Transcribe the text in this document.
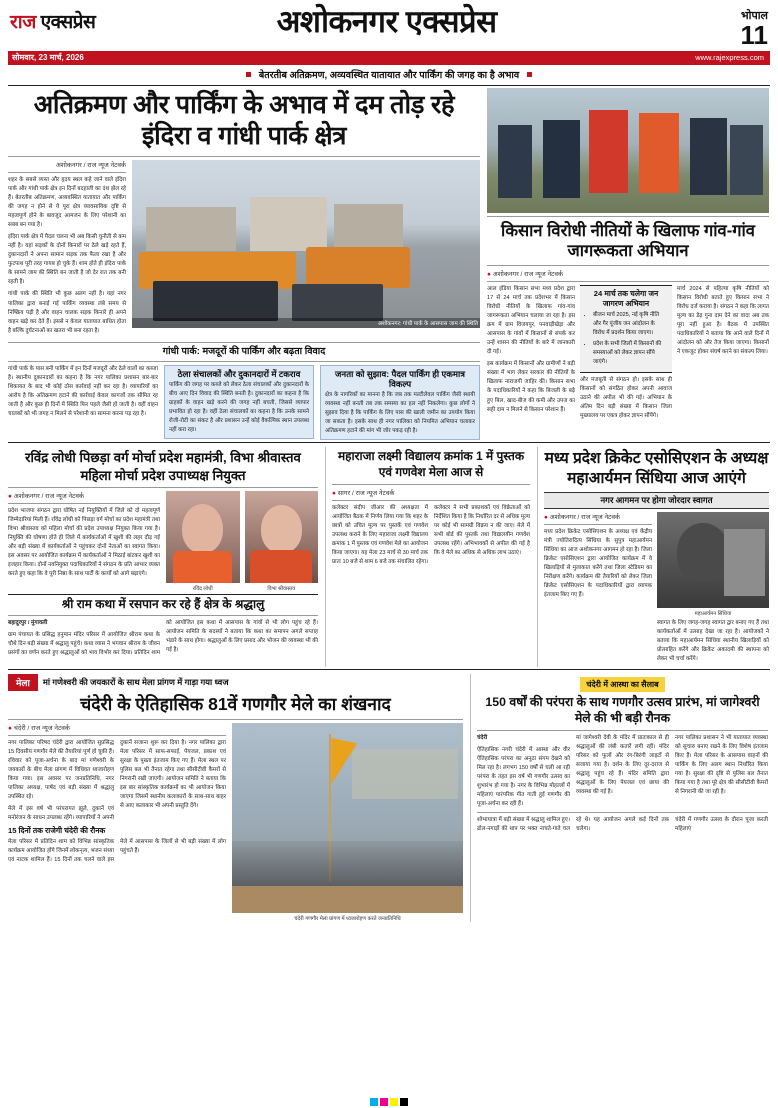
राज एक्सप्रेस	अशोकनगर एक्सप्रेस	भोपाल
11
सोमवार, 23 मार्च, 2026	www.rajexpress.com
बेतरतीब अतिक्रमण, अव्यवस्थित यातायात और पार्किंग की जगह का है अभाव
अतिक्रमण और पार्किंग के अभाव में दम तोड़ रहे इंदिरा व गांधी पार्क क्षेत्र
अशोकनगर / राज न्यूज नेटवर्क

शहर के सबसे व्यस्त और हृदय स्थल कहे जाने वाले इंदिरा पार्क और गांधी पार्क क्षेत्र इन दिनों बदहाली का दंश झेल रहे हैं। बेतरतीब अतिक्रमण, अव्यवस्थित यातायात और पार्किंग की जगह न होने से ये पूरा क्षेत्र व्यावसायिक दृष्टि से महत्वपूर्ण होने के बावजूद आमजन के लिए परेशानी का सबब बन गया है।

इंदिरा पार्क क्षेत्र में पैदल चलना भी अब किसी चुनौती से कम नहीं है। यहां सड़कों के दोनों किनारों पर ठेले खड़े रहते हैं, दुकानदारों ने अपना सामान सड़क तक फैला रखा है और फुटपाथ पूरी तरह गायब हो चुके हैं। शाम होते ही इंदिरा पार्क के सामने जाम की स्थिति बन जाती है जो देर रात तक बनी रहती है।

गांधी पार्क की स्थिति भी कुछ अलग नहीं है। यहां नगर पालिका द्वारा बनाई गई पार्किंग व्यवस्था लंबे समय से निष्क्रिय पड़ी है और वाहन चालक सड़क किनारे ही अपने वाहन खड़े कर देते हैं। इससे न केवल यातायात बाधित होता है बल्कि दुर्घटनाओं का खतरा भी बना रहता है।

अशोकनगर: गांधी पार्क के आसपास जाम की स्थिति
गांधी पार्क: मजदूरों की पार्किंग और बढ़ता विवाद

गांधी पार्क के पास बनी पार्किंग में इन दिनों मजदूरों और ठेले वालों का कब्जा है। स्थानीय दुकानदारों का कहना है कि नगर पालिका प्रशासन बार-बार शिकायत के बाद भी कोई ठोस कार्रवाई नहीं कर रहा है। व्यापारियों का आरोप है कि अतिक्रमण हटाने की कार्रवाई केवल कागजों तक सीमित रह जाती है और कुछ ही दिनों में स्थिति फिर पहले जैसी हो जाती है। वहीं वाहन चालकों को भी जगह न मिलने से परेशानी का सामना करना पड़ रहा है।

ठेला संचालकों और दुकानदारों में टकराव
पार्किंग की जगह पर कब्जे को लेकर ठेला संचालकों और दुकानदारों के बीच आए दिन विवाद की स्थिति बनती है। दुकानदारों का कहना है कि ग्राहकों के वाहन खड़े करने की जगह नहीं बचती, जिससे व्यापार प्रभावित हो रहा है। वहीं ठेला संचालकों का कहना है कि उनके सामने रोजी-रोटी का संकट है और प्रशासन उन्हें कोई वैकल्पिक स्थान उपलब्ध नहीं करा रहा।
जनता को सुझाव: पैदल पार्किंग ही एकमात्र विकल्प
क्षेत्र के नागरिकों का मानना है कि जब तक मल्टीलेवल पार्किंग जैसी स्थायी व्यवस्था नहीं बनती तब तक समस्या का हल नहीं निकलेगा। कुछ लोगों ने सुझाव दिया है कि पार्किंग के लिए पास की खाली जमीन का उपयोग किया जा सकता है। इसके साथ ही नगर पालिका को नियमित अभियान चलाकर अतिक्रमण हटाने की मांग भी जोर पकड़ रही है।
किसान विरोधी नीतियों के खिलाफ गांव-गांव जागरूकता अभियान
● अशोकनगर / राज न्यूज नेटवर्क

आल इंडिया किसान सभा मध्य प्रदेश द्वारा 17 से 24 मार्च तक प्रदेशभर में किसान विरोधी नीतियों के खिलाफ गांव-गांव जागरूकता अभियान चलाया जा रहा है। इस क्रम में ग्राम विजयपुर, पनवाड़ीखेड़ा और आसपास के गांवों में किसानों से संपर्क कर उन्हें शासन की नीतियों के बारे में जानकारी दी गई।

इस कार्यक्रम में किसानों और ग्रामीणों ने बड़ी संख्या में भाग लेकर सरकार की नीतियों के खिलाफ नाराजगी जाहिर की। किसान सभा के पदाधिकारियों ने कहा कि बिजली के बढ़े हुए बिल, खाद-बीज की कमी और उपज का सही दाम न मिलने से किसान परेशान हैं।

24 मार्च तक चलेगा जन जागरण अभियान
• बीजन मार्च 2025, नई कृषि नीति और गैर पूंजीय जन आंदोलन के विरोध में प्रदर्शन किया जाएगा।
• प्रदेश के सभी जिलों में किसानों की समस्याओं को लेकर ज्ञापन सौंपे जाएंगे।

और मजबूती से संगठन हो। इसके साथ ही किसानों को संगठित होकर अपनी आवाज उठाने की अपील भी की गई। अभियान के अंतिम दिन बड़ी संख्या में किसान जिला मुख्यालय पर एकत्र होकर ज्ञापन सौंपेंगे।

मार्च 2024 से पहिल्या कृषि नीतियों को किसान विरोधी बताते हुए किसान सभा ने विरोध दर्ज कराया है। संगठन ने कहा कि लागत मूल्य का डेढ़ गुना दाम देने का वादा अब तक पूरा नहीं हुआ है। बैठक में उपस्थित पदाधिकारियों ने बताया कि आने वाले दिनों में आंदोलन को और तेज किया जाएगा। किसानों ने एकजुट होकर संघर्ष करने का संकल्प लिया।

रविंद्र लोधी पिछड़ा वर्ग मोर्चा प्रदेश महामंत्री, विभा श्रीवास्तव महिला मोर्चा प्रदेश उपाध्यक्ष नियुक्त
● अशोकनगर / राज न्यूज नेटवर्क

प्रदेश भाजपा संगठन द्वारा घोषित नई नियुक्तियों में जिले को दो महत्वपूर्ण जिम्मेदारियां मिली हैं। रविंद्र लोधी को पिछड़ा वर्ग मोर्चा का प्रदेश महामंत्री तथा विभा श्रीवास्तव को महिला मोर्चा की प्रदेश उपाध्यक्ष नियुक्त किया गया है। नियुक्ति की घोषणा होते ही जिले में कार्यकर्ताओं में खुशी की लहर दौड़ गई और बड़ी संख्या में कार्यकर्ताओं ने पहुंचकर दोनों नेताओं का स्वागत किया। इस अवसर पर आयोजित कार्यक्रम में कार्यकर्ताओं ने मिठाई बांटकर खुशी का इजहार किया। दोनों नवनियुक्त पदाधिकारियों ने संगठन के प्रति आभार व्यक्त करते हुए कहा कि वे पूरी निष्ठा के साथ पार्टी के कार्यों को आगे बढ़ाएंगे।

रविंद्र लोधी	विभा श्रीवास्तव
श्री राम कथा में रसपान कर रहे हैं क्षेत्र के श्रद्धालु

बहादुरपुर / मुंगावली

ग्राम पंचायत के प्रसिद्ध हनुमान मंदिर परिसर में आयोजित श्रीराम कथा के चौथे दिन बड़ी संख्या में श्रद्धालु पहुंचे। कथा व्यास ने भगवान श्रीराम के जीवन प्रसंगों का वर्णन करते हुए श्रद्धालुओं को भाव विभोर कर दिया। प्रतिदिन शाम को आयोजित इस कथा में आसपास के गांवों से भी लोग पहुंच रहे हैं। आयोजन समिति के सदस्यों ने बताया कि कथा का समापन अगले सप्ताह भंडारे के साथ होगा। श्रद्धालुओं के लिए प्रसाद और भोजन की व्यवस्था भी की गई है।

महाराजा लक्ष्मी विद्यालय क्रमांक 1 में पुस्तक एवं गणवेश मेला आज से
● सागर / राज न्यूज नेटवर्क

कलेक्टर संदीप जीआर की अध्यक्षता में आयोजित बैठक में निर्णय लिया गया कि शहर के छात्रों को उचित मूल्य पर पुस्तकें एवं गणवेश उपलब्ध कराने के लिए महाराजा लक्ष्मी विद्यालय क्रमांक 1 में पुस्तक एवं गणवेश मेले का आयोजन किया जाएगा। यह मेला 23 मार्च से 30 मार्च तक प्रातः 10 बजे से शाम 6 बजे तक संचालित रहेगा। कलेक्टर ने सभी प्रकाशकों एवं विक्रेताओं को निर्देशित किया है कि निर्धारित दर से अधिक मूल्य पर कोई भी सामग्री विक्रय न की जाए। मेले में सभी बोर्ड की पुस्तकें तथा विद्यालयीन गणवेश उपलब्ध रहेंगे। अभिभावकों से अपील की गई है कि वे मेले का अधिक से अधिक लाभ उठाएं।

मध्य प्रदेश क्रिकेट एसोसिएशन के अध्यक्ष महाआर्यमन सिंधिया आज आएंगे
नगर आगमन पर होगा जोरदार स्वागत
● अशोकनगर / राज न्यूज नेटवर्क

मध्य प्रदेश क्रिकेट एसोसिएशन के अध्यक्ष एवं केंद्रीय मंत्री ज्योतिरादित्य सिंधिया के सुपुत्र महाआर्यमन सिंधिया का आज अशोकनगर आगमन हो रहा है। जिला क्रिकेट एसोसिएशन द्वारा आयोजित कार्यक्रम में वे खिलाड़ियों से मुलाकात करेंगे तथा जिला स्टेडियम का निरीक्षण करेंगे। कार्यक्रम की तैयारियों को लेकर जिला क्रिकेट एसोसिएशन के पदाधिकारियों द्वारा व्यापक इंतजाम किए गए हैं।

महाआर्यमन सिंधिया

स्वागत के लिए जगह-जगह स्वागत द्वार बनाए गए हैं तथा कार्यकर्ताओं में उत्साह देखा जा रहा है। आयोजकों ने बताया कि महाआर्यमन सिंधिया स्थानीय खिलाड़ियों को प्रोत्साहित करेंगे और क्रिकेट अकादमी की स्थापना को लेकर भी चर्चा करेंगे।

मेला	मां गणेश्वरी की जयकारों के साथ मेला प्रांगण में गाड़ा गया ध्वज
चंदेरी के ऐतिहासिक 81वें गणगौर मेले का शंखनाद
● चंदेरी / राज न्यूज नेटवर्क

नगर पालिका परिषद चंदेरी द्वारा आयोजित सुप्रसिद्ध 15 दिवसीय गणगौर मेले की तैयारियां पूर्ण हो चुकी हैं। रविवार को पूजा-अर्चना के बाद मां गणेश्वरी के जयकारों के बीच मेला प्रांगण में विधिवत ध्वजारोहण किया गया। इस अवसर पर जनप्रतिनिधि, नगर पालिका अध्यक्ष, पार्षद एवं बड़ी संख्या में श्रद्धालु उपस्थित रहे।

मेले में इस वर्ष भी परंपरागत झूले, दुकानें एवं मनोरंजन के साधन उपलब्ध रहेंगे। व्यापारियों ने अपनी दुकानें सजाना शुरू कर दिया है। नगर पालिका द्वारा मेला परिसर में साफ-सफाई, पेयजल, प्रकाश एवं सुरक्षा के पुख्ता इंतजाम किए गए हैं। मेला स्थल पर पुलिस बल भी तैनात रहेगा तथा सीसीटीवी कैमरों से निगरानी रखी जाएगी। आयोजन समिति ने बताया कि इस बार सांस्कृतिक कार्यक्रमों का भी आयोजन किया जाएगा जिसमें स्थानीय कलाकारों के साथ-साथ बाहर से आए कलाकार भी अपनी प्रस्तुति देंगे।

15 दिनों तक राजेगी चंदेरी की रौनक

मेला परिसर में प्रतिदिन शाम को विभिन्न सांस्कृतिक कार्यक्रम आयोजित होंगे जिनमें लोकनृत्य, भजन संध्या एवं नाटक शामिल हैं। 15 दिनों तक चलने वाले इस मेले में आसपास के जिलों से भी बड़ी संख्या में लोग पहुंचते हैं।

चंदेरी गणगौर मेला प्रांगण में ध्वजारोहण करते जनप्रतिनिधि
चंदेरी में आस्था का सैलाब
150 वर्षों की परंपरा के साथ गणगौर उत्सव प्रारंभ, मां जागेश्वरी मेले की भी बड़ी रौनक

चंदेरी

ऐतिहासिक नगरी चंदेरी में आस्था और वीर ऐतिहासिक परंपरा का अनूठा संगम देखने को मिल रहा है। लगभग 150 वर्षों से चली आ रही परंपरा के तहत इस वर्ष भी गणगौर उत्सव का शुभारंभ हो गया है। नगर के विभिन्न मोहल्लों में महिलाएं पारंपरिक गीत गाती हुई गणगौर की पूजा-अर्चना कर रही हैं।

मां जागेश्वरी देवी के मंदिर में प्रातःकाल से ही श्रद्धालुओं की लंबी कतारें लगी रहीं। मंदिर परिसर को फूलों और रंग-बिरंगी लाइटों से सजाया गया है। दर्शन के लिए दूर-दराज से श्रद्धालु पहुंच रहे हैं। मंदिर समिति द्वारा श्रद्धालुओं के लिए पेयजल एवं छाया की व्यवस्था की गई है।

नगर पालिका प्रशासन ने भी यातायात व्यवस्था को सुचारु बनाए रखने के लिए विशेष इंतजाम किए हैं। मेला परिसर के आसपास वाहनों की पार्किंग के लिए अलग स्थान निर्धारित किया गया है। सुरक्षा की दृष्टि से पुलिस बल तैनात किया गया है तथा पूरे क्षेत्र की सीसीटीवी कैमरों से निगरानी की जा रही है।

शोभायात्रा में बड़ी संख्या में श्रद्धालु शामिल हुए। ढोल-नगाड़ों की थाप पर भक्त नाचते-गाते चल रहे थे। यह आयोजन अगले कई दिनों तक चलेगा।

चंदेरी में गणगौर उत्सव के दौरान पूजा करती महिलाएं
